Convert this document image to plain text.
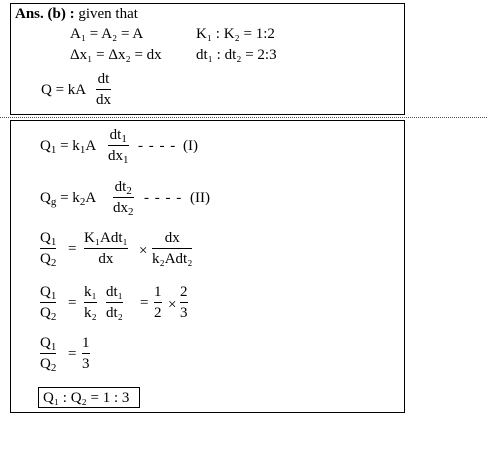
Ans. (b) : given that
A₁ = A₂ = A	K₁ : K₂ = 1:2
Δx₁ = Δx₂ = dx dt₁ : dt₂ = 2:3
Q = kA
dt
dx
$Q_1 = k_1A$
$dt_1$
$dx_1$
- - - - (I)
$Q_g = k_2A$
$dt_2$
$dx_2$
- - - - (II)
$Q_1$
$Q_2$
=
K₁Adt₁
dx	×
dx
k₂Adt₂
$Q_1$
$Q_2$
=
k₁
k₂
dt₁
dt₂
=
1
2 ×
2
3
$Q_1$
$Q_2$
=
1
3
Q₁ : Q₂ = 1 : 3
